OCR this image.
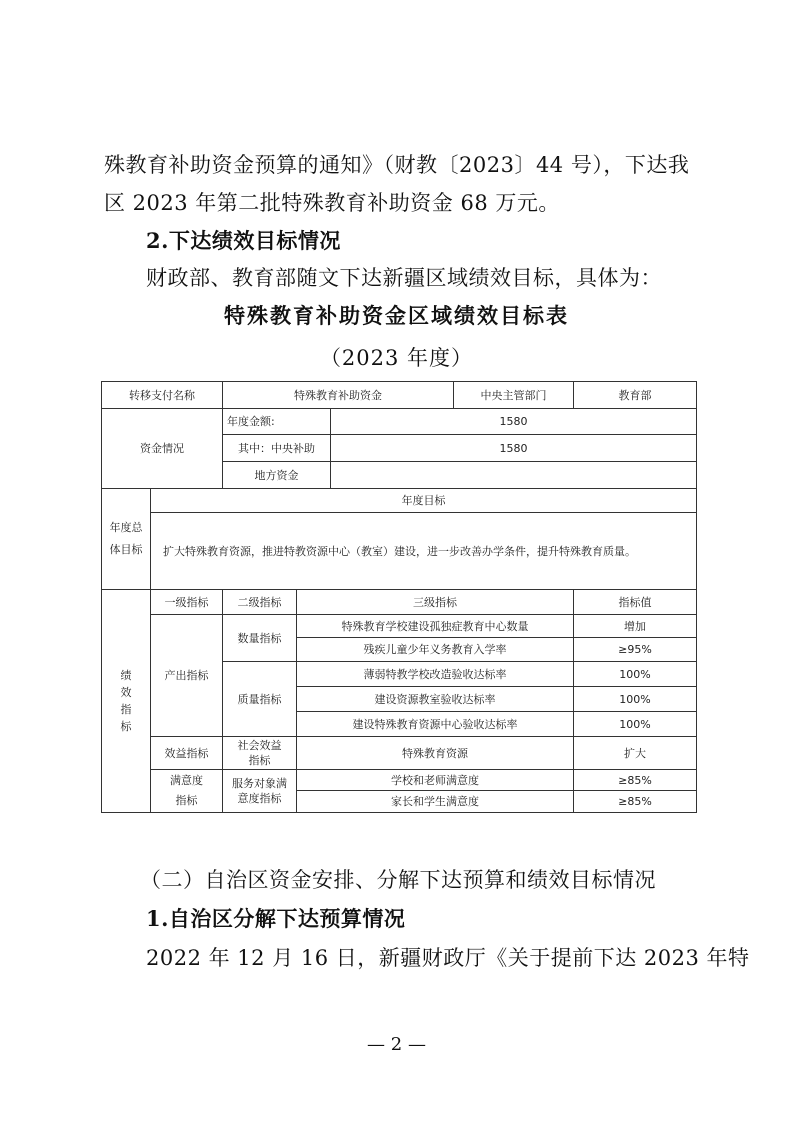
殊教育补助资金预算的通知》（财教〔2023〕44 号），下达我
区 2023 年第二批特殊教育补助资金 68 万元。
2.下达绩效目标情况
财政部、教育部随文下达新疆区域绩效目标，具体为：
特殊教育补助资金区域绩效目标表
（2023 年度）
转移支付名称		特殊教育补助资金			中央主管部门	教育部
资金情况		年度金额:		1580		
		其中：中央补助		1580		
		地方资金				
年度总体目标	年度目标					
	扩大特殊教育资源，推进特教资源中心（教室）建设，进一步改善办学条件，提升特殊教育质量。					
绩效指标	一级指标	二级指标	三级指标			指标值
	产出指标	数量指标	特殊教育学校建设孤独症教育中心数量			增加
			残疾儿童少年义务教育入学率			≥95%
		质量指标	薄弱特教学校改造验收达标率			100%
			建设资源教室验收达标率			100%
			建设特殊教育资源中心验收达标率			100%
	效益指标	社会效益指标	特殊教育资源			扩大
	满意度指标	服务对象满意度指标	学校和老师满意度			≥85%
			家长和学生满意度			≥85%
（二）自治区资金安排、分解下达预算和绩效目标情况
1.自治区分解下达预算情况
2022 年 12 月 16 日，新疆财政厅《关于提前下达 2023 年特
— 2 —
